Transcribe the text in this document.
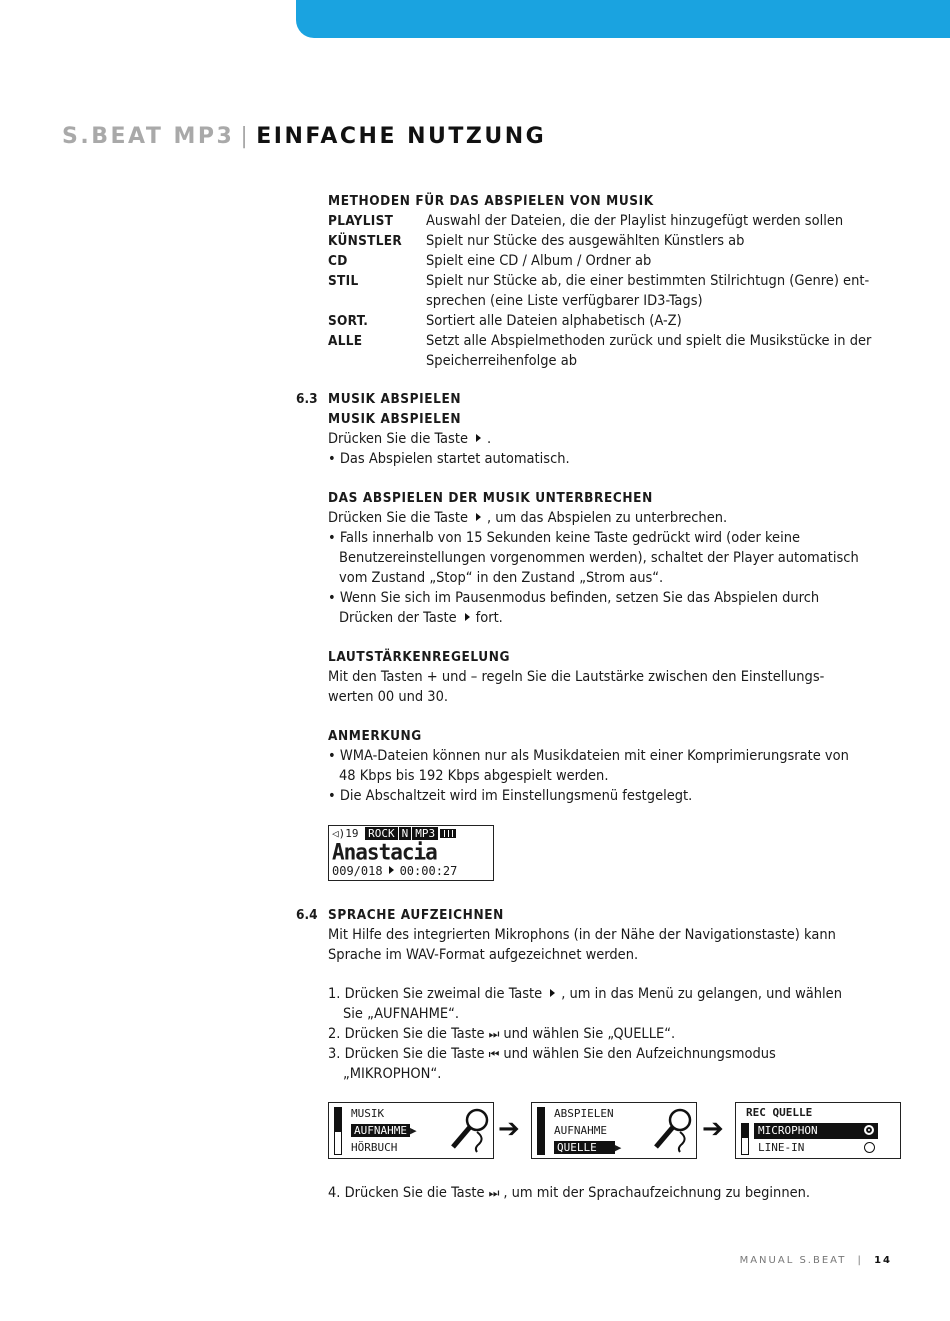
S.BEAT MP3 | EINFACHE NUTZUNG
METHODEN FÜR DAS ABSPIELEN VON MUSIK
PLAYLIST Auswahl der Dateien, die der Playlist hinzugefügt werden sollen
KÜNSTLER Spielt nur Stücke des ausgewählten Künstlers ab
CD	Spielt eine CD / Album / Ordner ab
STIL	Spielt nur Stücke ab, die einer bestimmten Stilrichtugn (Genre) ent-
sprechen (eine Liste verfügbarer ID3-Tags)
SORT.	Sortiert alle Dateien alphabetisch (A-Z)
ALLE	Setzt alle Abspielmethoden zurück und spielt die Musikstücke in der
Speicherreihenfolge ab
6.3 MUSIK ABSPIELEN
MUSIK ABSPIELEN
Drücken Sie die Taste .
• Das Abspielen startet automatisch.
DAS ABSPIELEN DER MUSIK UNTERBRECHEN
Drücken Sie die Taste , um das Abspielen zu unterbrechen.
• Falls innerhalb von 15 Sekunden keine Taste gedrückt wird (oder keine
Benutzereinstellungen vorgenommen werden), schaltet der Player automatisch
vom Zustand „Stop“ in den Zustand „Strom aus“.
• Wenn Sie sich im Pausenmodus befinden, setzen Sie das Abspielen durch
Drücken der Taste fort.
LAUTSTÄRKENREGELUNG
Mit den Tasten + und – regeln Sie die Lautstärke zwischen den Einstellungs-
werten 00 und 30.
ANMERKUNG
• WMA-Dateien können nur als Musikdateien mit einer Komprimierungsrate von
48 Kbps bis 192 Kbps abgespielt werden.
• Die Abschaltzeit wird im Einstellungsmenü festgelegt.
◁)19 ROCK N MP3
Anastacia
009/018 00:00:27
6.4 SPRACHE AUFZEICHNEN
Mit Hilfe des integrierten Mikrophons (in der Nähe der Navigationstaste) kann
Sprache im WAV-Format aufgezeichnet werden.
1. Drücken Sie zweimal die Taste , um in das Menü zu gelangen, und wählen
Sie „AUFNAHME“.
2. Drücken Sie die Taste ⏭ und wählen Sie „QUELLE“.
3. Drücken Sie die Taste ⏮ und wählen Sie den Aufzeichnungsmodus
„MIKROPHON“.
MUSIK
AUFNAHME ▶
HÖRBUCH
➔
ABSPIELEN
AUFNAHME
QUELLE ▶
➔
REC QUELLE
MICROPHON
LINE-IN
4. Drücken Sie die Taste ⏭ , um mit der Sprachaufzeichnung zu beginnen.
MANUAL S.BEAT | 14
